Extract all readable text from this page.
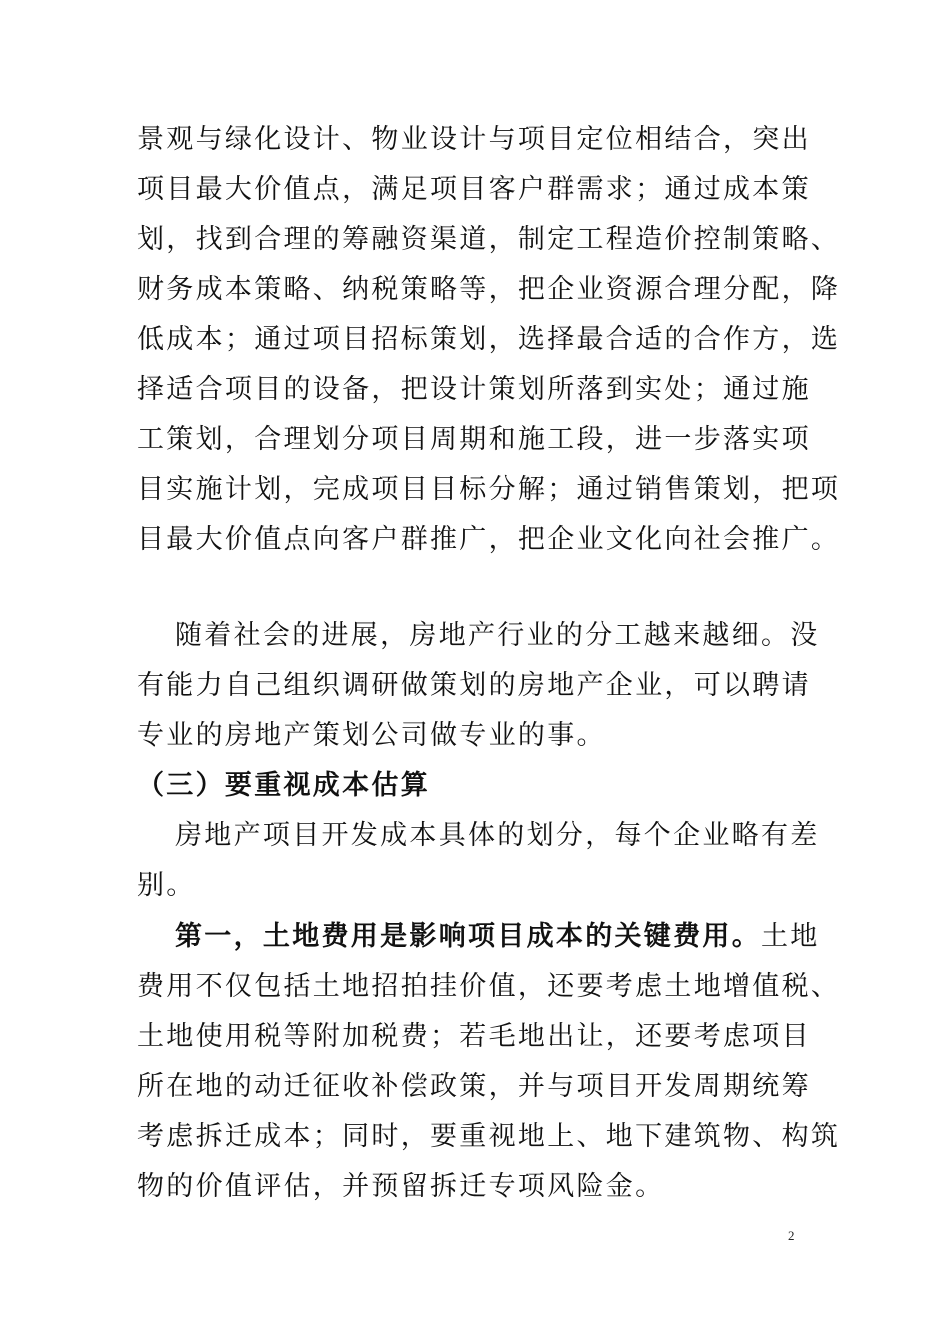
景观与绿化设计、物业设计与项目定位相结合，突出
项目最大价值点，满足项目客户群需求；通过成本策
划，找到合理的筹融资渠道，制定工程造价控制策略、
财务成本策略、纳税策略等，把企业资源合理分配，降
低成本；通过项目招标策划，选择最合适的合作方，选
择适合项目的设备，把设计策划所落到实处；通过施
工策划，合理划分项目周期和施工段，进一步落实项
目实施计划，完成项目目标分解；通过销售策划，把项
目最大价值点向客户群推广，把企业文化向社会推广。
随着社会的进展，房地产行业的分工越来越细。没
有能力自己组织调研做策划的房地产企业，可以聘请
专业的房地产策划公司做专业的事。
（三）要重视成本估算
房地产项目开发成本具体的划分，每个企业略有差
别。
第一，土地费用是影响项目成本的关键费用。土地
费用不仅包括土地招拍挂价值，还要考虑土地增值税、
土地使用税等附加税费；若毛地出让，还要考虑项目
所在地的动迁征收补偿政策，并与项目开发周期统筹
考虑拆迁成本；同时，要重视地上、地下建筑物、构筑
物的价值评估，并预留拆迁专项风险金。
2
